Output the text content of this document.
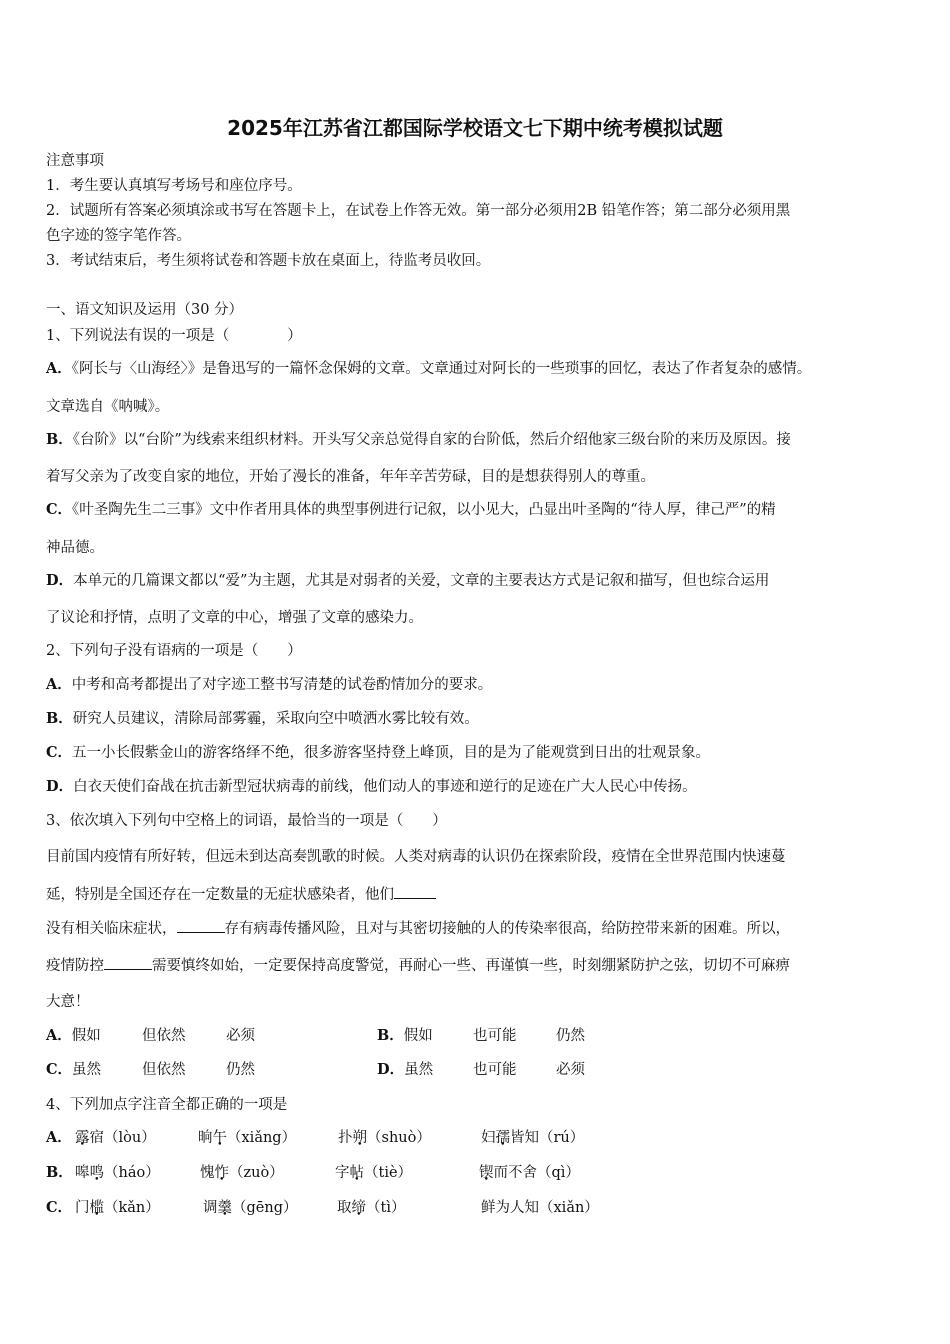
2025年江苏省江都国际学校语文七下期中统考模拟试题
注意事项
1．考生要认真填写考场号和座位序号。
2．试题所有答案必须填涂或书写在答题卡上，在试卷上作答无效。第一部分必须用2B 铅笔作答；第二部分必须用黑
色字迹的签字笔作答。
3．考试结束后，考生须将试卷和答题卡放在桌面上，待监考员收回。
一、语文知识及运用（30 分）
1、下列说法有误的一项是（　　　　）
A．《阿长与〈山海经〉》是鲁迅写的一篇怀念保姆的文章。文章通过对阿长的一些琐事的回忆，表达了作者复杂的感情。
文章选自《呐喊》。
B．《台阶》以“台阶”为线索来组织材料。开头写父亲总觉得自家的台阶低，然后介绍他家三级台阶的来历及原因。接
着写父亲为了改变自家的地位，开始了漫长的准备，年年辛苦劳碌，目的是想获得别人的尊重。
C．《叶圣陶先生二三事》文中作者用具体的典型事例进行记叙，以小见大，凸显出叶圣陶的“待人厚，律己严”的精
神品德。
D．本单元的几篇课文都以“爱”为主题，尤其是对弱者的关爱，文章的主要表达方式是记叙和描写，但也综合运用
了议论和抒情，点明了文章的中心，增强了文章的感染力。
2、下列句子没有语病的一项是（　　）
A．中考和高考都提出了对字迹工整书写清楚的试卷酌情加分的要求。
B．研究人员建议，清除局部雾霾，采取向空中喷洒水雾比较有效。
C．五一小长假紫金山的游客络绎不绝，很多游客坚持登上峰顶，目的是为了能观赏到日出的壮观景象。
D．白衣天使们奋战在抗击新型冠状病毒的前线，他们动人的事迹和逆行的足迹在广大人民心中传扬。
3、依次填入下列句中空格上的词语，最恰当的一项是（　　）
目前国内疫情有所好转，但远未到达高奏凯歌的时候。人类对病毒的认识仍在探索阶段，疫情在全世界范围内快速蔓
延，特别是全国还存在一定数量的无症状感染者，他们
没有相关临床症状，	存有病毒传播风险，且对与其密切接触的人的传染率很高，给防控带来新的困难。所以，
疫情防控	需要慎终如始，一定要保持高度警觉，再耐心一些、再谨慎一些，时刻绷紧防护之弦，切切不可麻痹
大意！
A．假如	但依然	必须	B．假如	也可能	仍然
C．虽然	但依然	仍然	D．虽然	也可能	必须
4、下列加点字注音全都正确的一项是
A． 露宿（lòu）	晌午（xiǎng）	扑朔（shuò）	妇孺皆知（rú）
B． 嗥鸣（háo）	愧怍（zuò）	字帖（tiè）	锲而不舍（qì）
C． 门槛（kǎn）	调羹（gēng）	取缔（tì）	鲜为人知（xiǎn）
